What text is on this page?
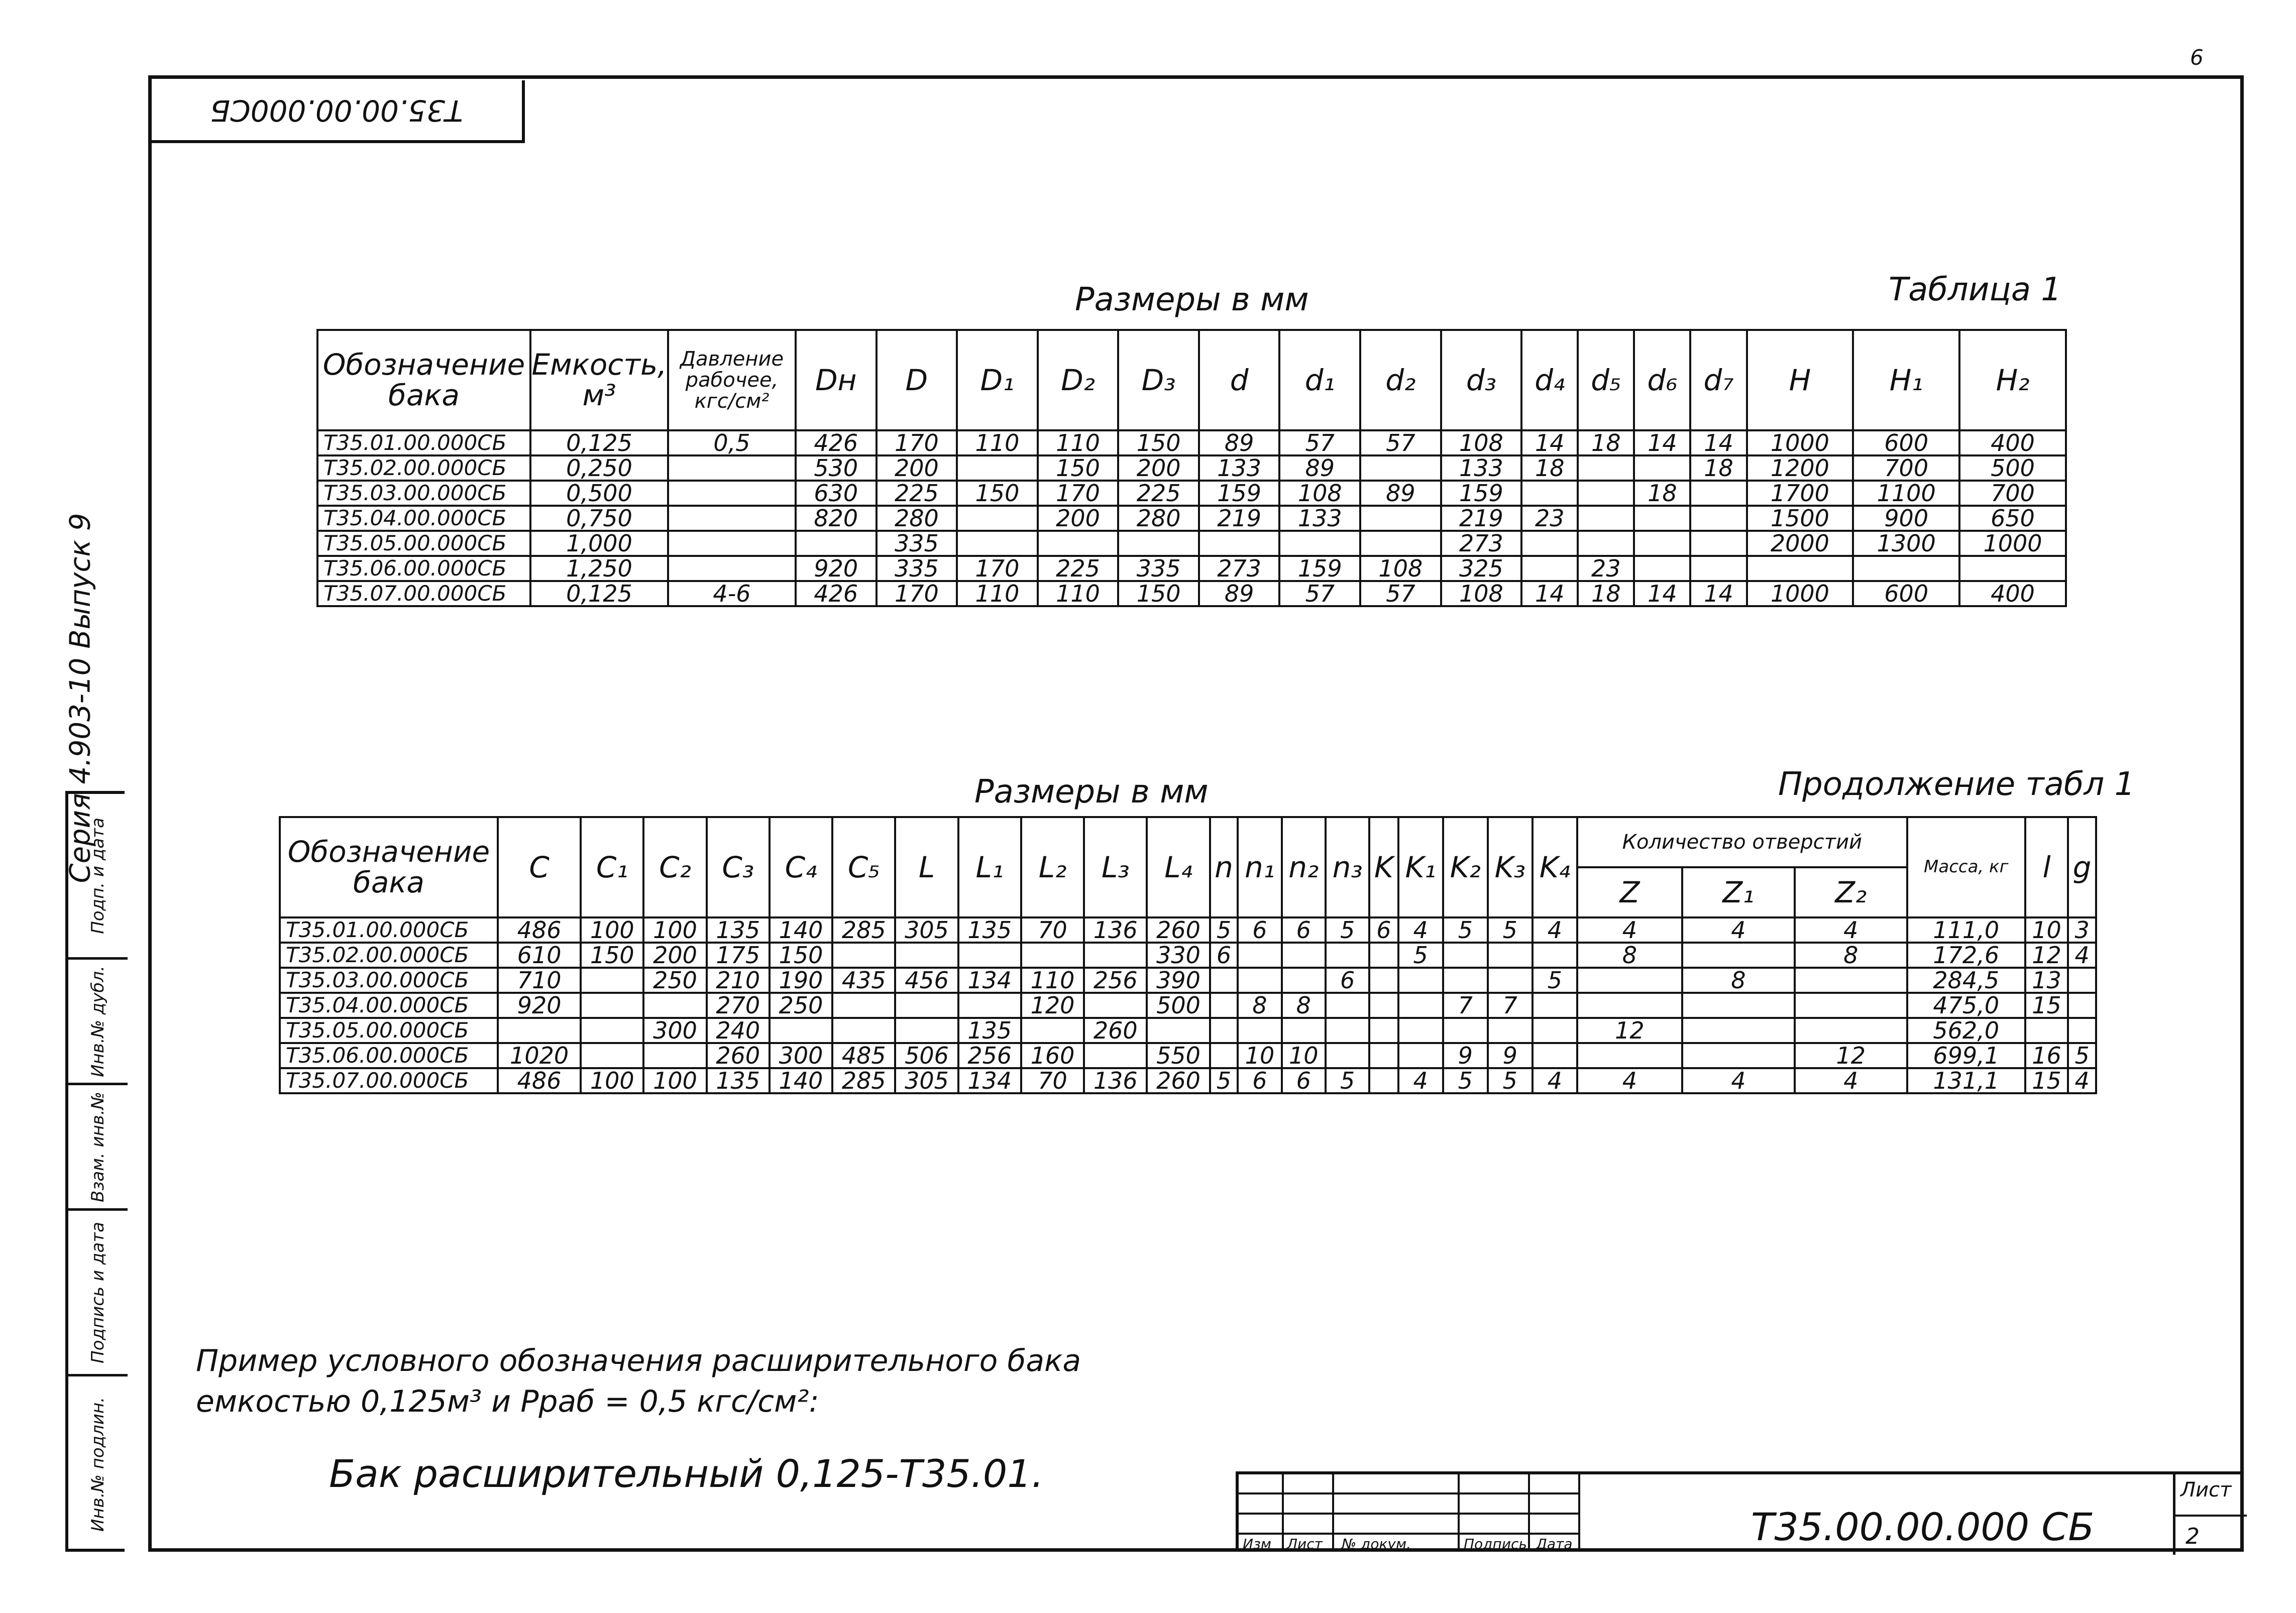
6
Т35.00.00.000СБ
Серия 4.903-10 Выпуск 9
Подп. и дата
Инв.№ дубл.
Взам. инв.№
Подпись и дата
Инв.№ подлин.
Размеры в мм	Таблица 1
Обозначение бака	Емкость, м³	Давление рабочее, кгс/см²	Dн	D	D₁	D₂	D₃	d	d₁	d₂	d₃	d₄	d₅	d₆	d₇	H	H₁	H₂
Т35.01.00.000СБ	0,125	0,5	426	170	110	110	150	89	57	57	108	14	18	14	14	1000	600	400
Т35.02.00.000СБ	0,250		530	200		150	200	133	89		133	18			18	1200	700	500
Т35.03.00.000СБ	0,500		630	225	150	170	225	159	108	89	159			18		1700	1100	700
Т35.04.00.000СБ	0,750		820	280		200	280	219	133		219	23				1500	900	650
Т35.05.00.000СБ	1,000			335							273					2000	1300	1000
Т35.06.00.000СБ	1,250		920	335	170	225	335	273	159	108	325		23					
Т35.07.00.000СБ	0,125	4-6	426	170	110	110	150	89	57	57	108	14	18	14	14	1000	600	400
Размеры в мм	Продолжение табл 1
Обозначение бака	C	C₁	C₂	C₃	C₄	C₅	L	L₁	L₂	L₃	L₄	n	n₁	n₂	n₃	K	K₁	K₂	K₃	K₄	Количество отверстий			Масса, кг	l	g
																					Z	Z₁	Z₂			
Т35.01.00.000СБ	486	100	100	135	140	285	305	135	70	136	260	5	6	6	5	6	4	5	5	4	4	4	4	111,0	10	3
Т35.02.00.000СБ	610	150	200	175	150						330	6					5				8		8	172,6	12	4
Т35.03.00.000СБ	710		250	210	190	435	456	134	110	256	390				6					5		8		284,5	13	
Т35.04.00.000СБ	920			270	250				120		500		8	8				7	7					475,0	15	
Т35.05.00.000СБ			300	240				135		260											12			562,0		
Т35.06.00.000СБ	1020			260	300	485	506	256	160		550		10	10				9	9				12	699,1	16	5
Т35.07.00.000СБ	486	100	100	135	140	285	305	134	70	136	260	5	6	6	5		4	5	5	4	4	4	4	131,1	15	4
Пример условного обозначения расширительного бака
емкостью 0,125м³ и Pраб = 0,5 кгс/см²:
Бак расширительный 0,125-Т35.01.
Изм Лист № докум.	Подпись Дата	Т35.00.00.000 СБ
Лист
2
